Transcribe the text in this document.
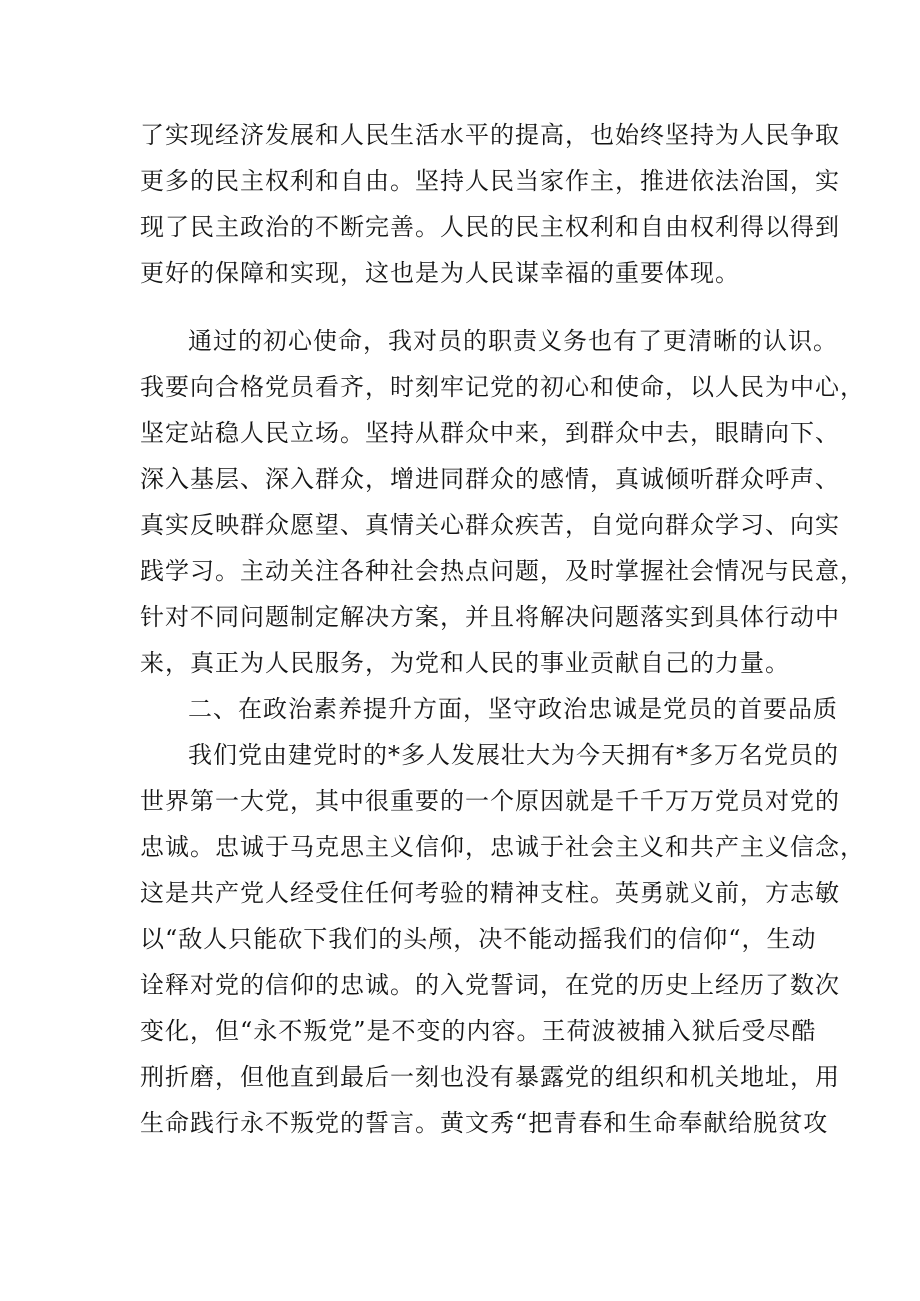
了实现经济发展和人民生活水平的提高，也始终坚持为人民争取
更多的民主权利和自由。坚持人民当家作主，推进依法治国，实
现了民主政治的不断完善。人民的民主权利和自由权利得以得到
更好的保障和实现，这也是为人民谋幸福的重要体现。
通过的初心使命，我对员的职责义务也有了更清晰的认识。
我要向合格党员看齐，时刻牢记党的初心和使命，以人民为中心，
坚定站稳人民立场。坚持从群众中来，到群众中去，眼睛向下、
深入基层、深入群众，增进同群众的感情，真诚倾听群众呼声、
真实反映群众愿望、真情关心群众疾苦，自觉向群众学习、向实
践学习。主动关注各种社会热点问题，及时掌握社会情况与民意，
针对不同问题制定解决方案，并且将解决问题落实到具体行动中
来，真正为人民服务，为党和人民的事业贡献自己的力量。
二、在政治素养提升方面，坚守政治忠诚是党员的首要品质
我们党由建党时的*多人发展壮大为今天拥有*多万名党员的
世界第一大党，其中很重要的一个原因就是千千万万党员对党的
忠诚。忠诚于马克思主义信仰，忠诚于社会主义和共产主义信念，
这是共产党人经受住任何考验的精神支柱。英勇就义前，方志敏
以“敌人只能砍下我们的头颅，决不能动摇我们的信仰“，生动
诠释对党的信仰的忠诚。的入党誓词，在党的历史上经历了数次
变化，但“永不叛党”是不变的内容。王荷波被捕入狱后受尽酷
刑折磨，但他直到最后一刻也没有暴露党的组织和机关地址，用
生命践行永不叛党的誓言。黄文秀“把青春和生命奉献给脱贫攻
